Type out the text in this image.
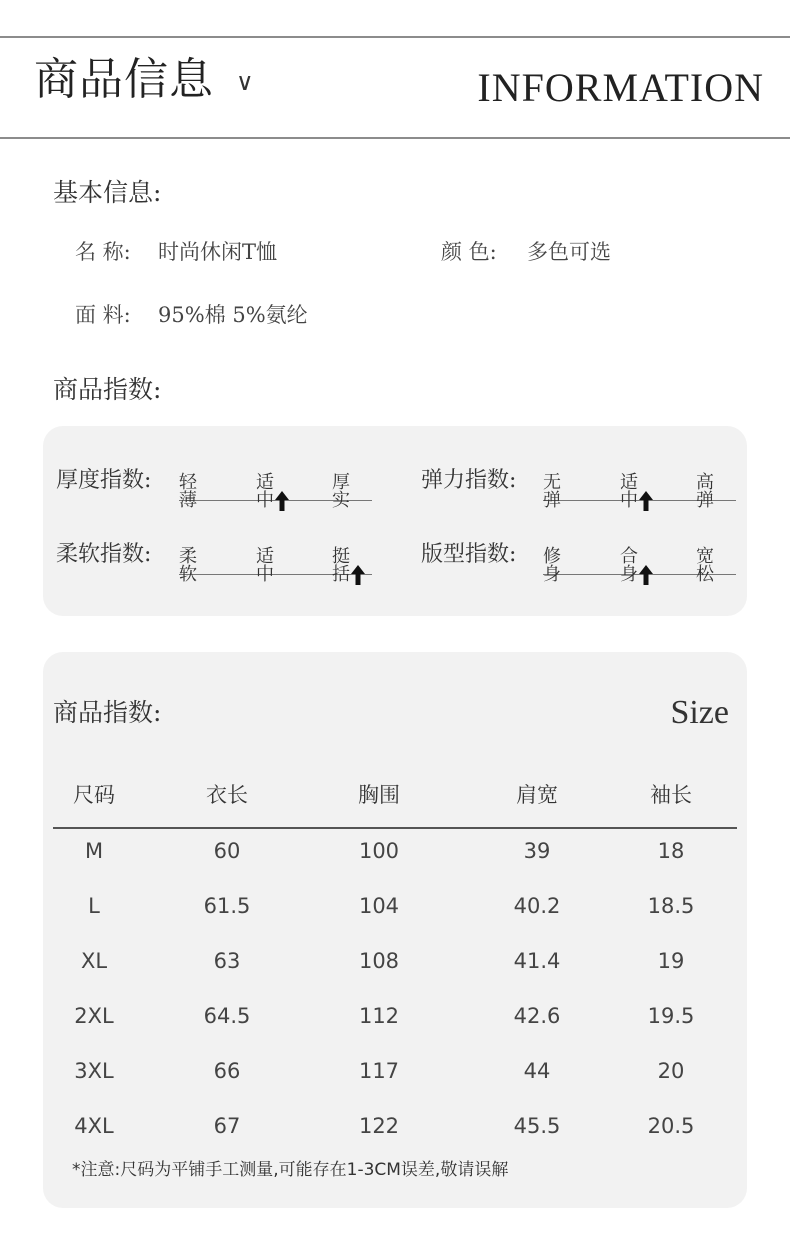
商品信息 ∨	INFORMATION
基本信息:
名 称: 时尚休闲T恤	颜 色: 多色可选
面 料: 95%棉 5%氨纶
商品指数:
厚度指数: 轻薄
适中
厚实
弹力指数: 无弹
适中
高弹
柔软指数: 柔软
适中
挺括
版型指数: 修身
合身
宽松
商品指数:	Size
尺码	衣长	胸围	肩宽	袖长
M	60	100	39	18
L	61.5	104	40.2	18.5
XL	63	108	41.4	19
2XL	64.5	112	42.6	19.5
3XL	66	117	44	20
4XL	67	122	45.5	20.5
*注意:尺码为平铺手工测量,可能存在1-3CM误差,敬请误解
